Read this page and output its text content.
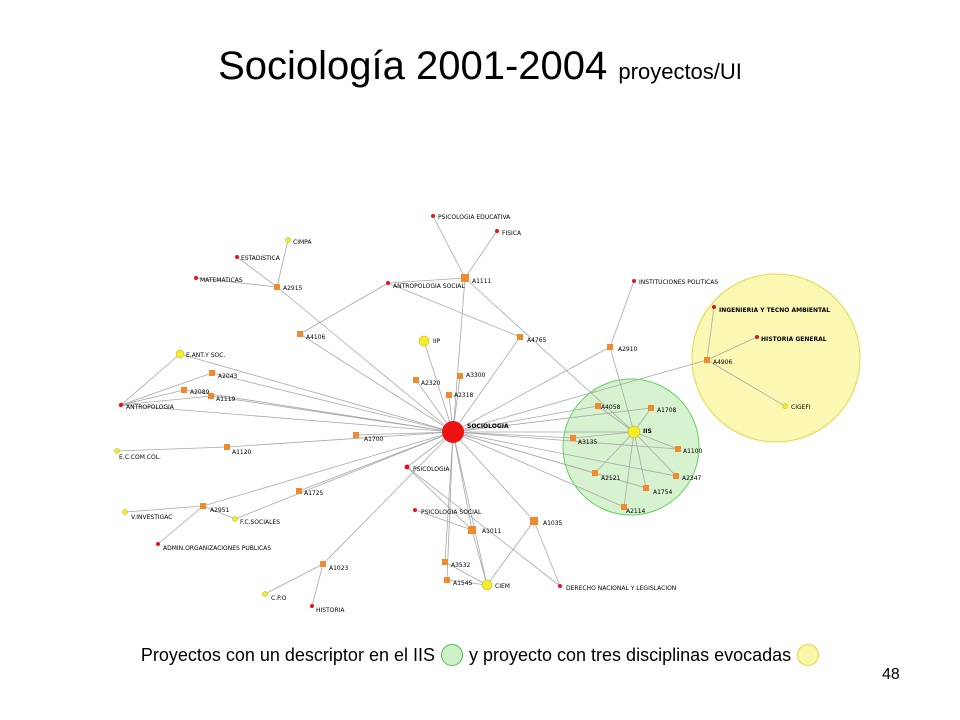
Sociología 2001-2004 proyectos/UI
SOCIOLOGIA
IIS
IIP
CIEM
CIMPA
CIGEFI
E.ANT.Y SOC.
E.C.COM.COL.
V.INVESTIGAC
F.C.SOCIALES
C.P.O
PSICOLOGIA EDUCATIVA
FISICA
ESTADISTICA
MATEMATICAS
ANTROPOLOGIA SOCIAL
INSTITUCIONES POLITICAS
INGENIERIA Y TECNO AMBIENTAL
HISTORIA GENERAL
ANTROPOLOGIA
PSICOLOGIA
PSICOLOGIA SOCIAL
ADMIN.ORGANIZACIONES PUBLICAS
HISTORIA
DERECHO NACIONAL Y LEGISLACION
A1111
A2915
A4106
A2043
A2089
A1119
A1700
A1120
A1725
A2951
A1023
A2320
A3300
A2318
A4765
A2910
A4906
A4058	A1708
A3135
A1100
A2121	A2347
A1754
A2114
A1011
A1035
A3532
A1545
Proyectos con un descriptor en el IIS y proyecto con tres disciplinas evocadas
48
